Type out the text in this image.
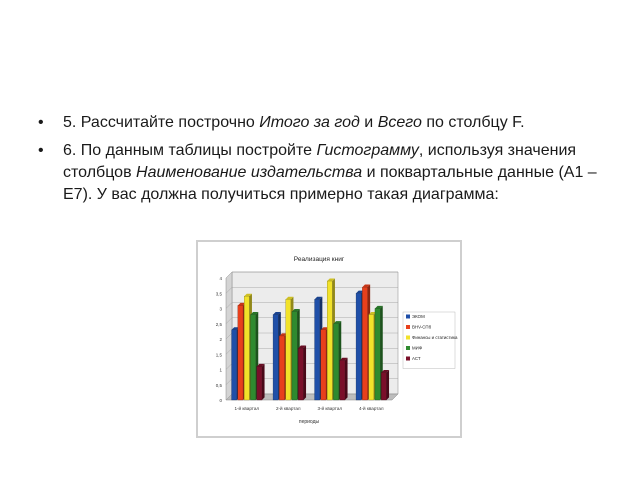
• 5. Рассчитайте построчно Итого за год и Всего по столбцу F.
• 6. По данным таблицы постройте Гистограмму, используя значения столбцов Наименование издательства и поквартальные данные (А1 – Е7). У вас должна получиться примерно такая диаграмма:
Реализация книг
0
0,5
1
1,5
2
2,5
3
3,5
4
1-й квартал	2-й квартал	3-й квартал	4-й квартал
периоды
ЭКОМ
BHV-СПб
Финансы и статистика
МИФ
АСТ
